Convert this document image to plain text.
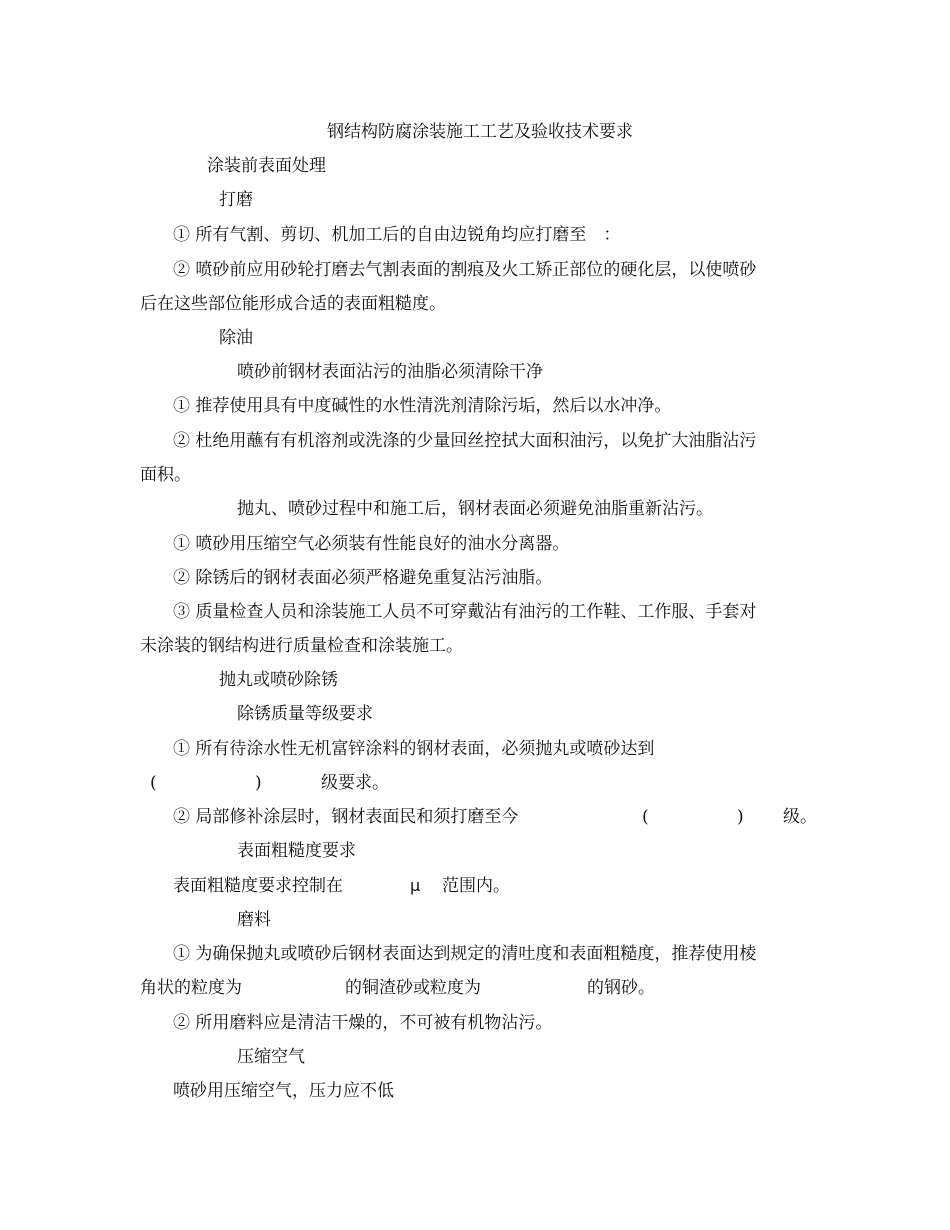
钢结构防腐涂装施工工艺及验收技术要求
涂装前表面处理
打磨
① 所有气割、剪切、机加工后的自由边锐角均应打磨至　：
② 喷砂前应用砂轮打磨去气割表面的割痕及火工矫正部位的硬化层，以使喷砂
后在这些部位能形成合适的表面粗糙度。
除油
喷砂前钢材表面沾污的油脂必须清除干净
① 推荐使用具有中度碱性的水性清洗剂清除污垢，然后以水冲净。
② 杜绝用蘸有有机溶剂或洗涤的少量回丝控拭大面积油污，以免扩大油脂沾污
面积。
抛丸、喷砂过程中和施工后，钢材表面必须避免油脂重新沾污。
① 喷砂用压缩空气必须装有性能良好的油水分离器。
② 除锈后的钢材表面必须严格避免重复沾污油脂。
③ 质量检查人员和涂装施工人员不可穿戴沾有油污的工作鞋、工作服、手套对
未涂装的钢结构进行质量检查和涂装施工。
抛丸或喷砂除锈
除锈质量等级要求
① 所有待涂水性无机富锌涂料的钢材表面，必须抛丸或喷砂达到
(	)	级要求。
② 局部修补涂层时，钢材表面民和须打磨至今	(	) 级。
表面粗糙度要求
表面粗糙度要求控制在	μ 范围内。
磨料
① 为确保抛丸或喷砂后钢材表面达到规定的清吐度和表面粗糙度，推荐使用棱
角状的粒度为	的铜渣砂或粒度为	的钢砂。
② 所用磨料应是清洁干燥的，不可被有机物沾污。
压缩空气
喷砂用压缩空气，压力应不低
